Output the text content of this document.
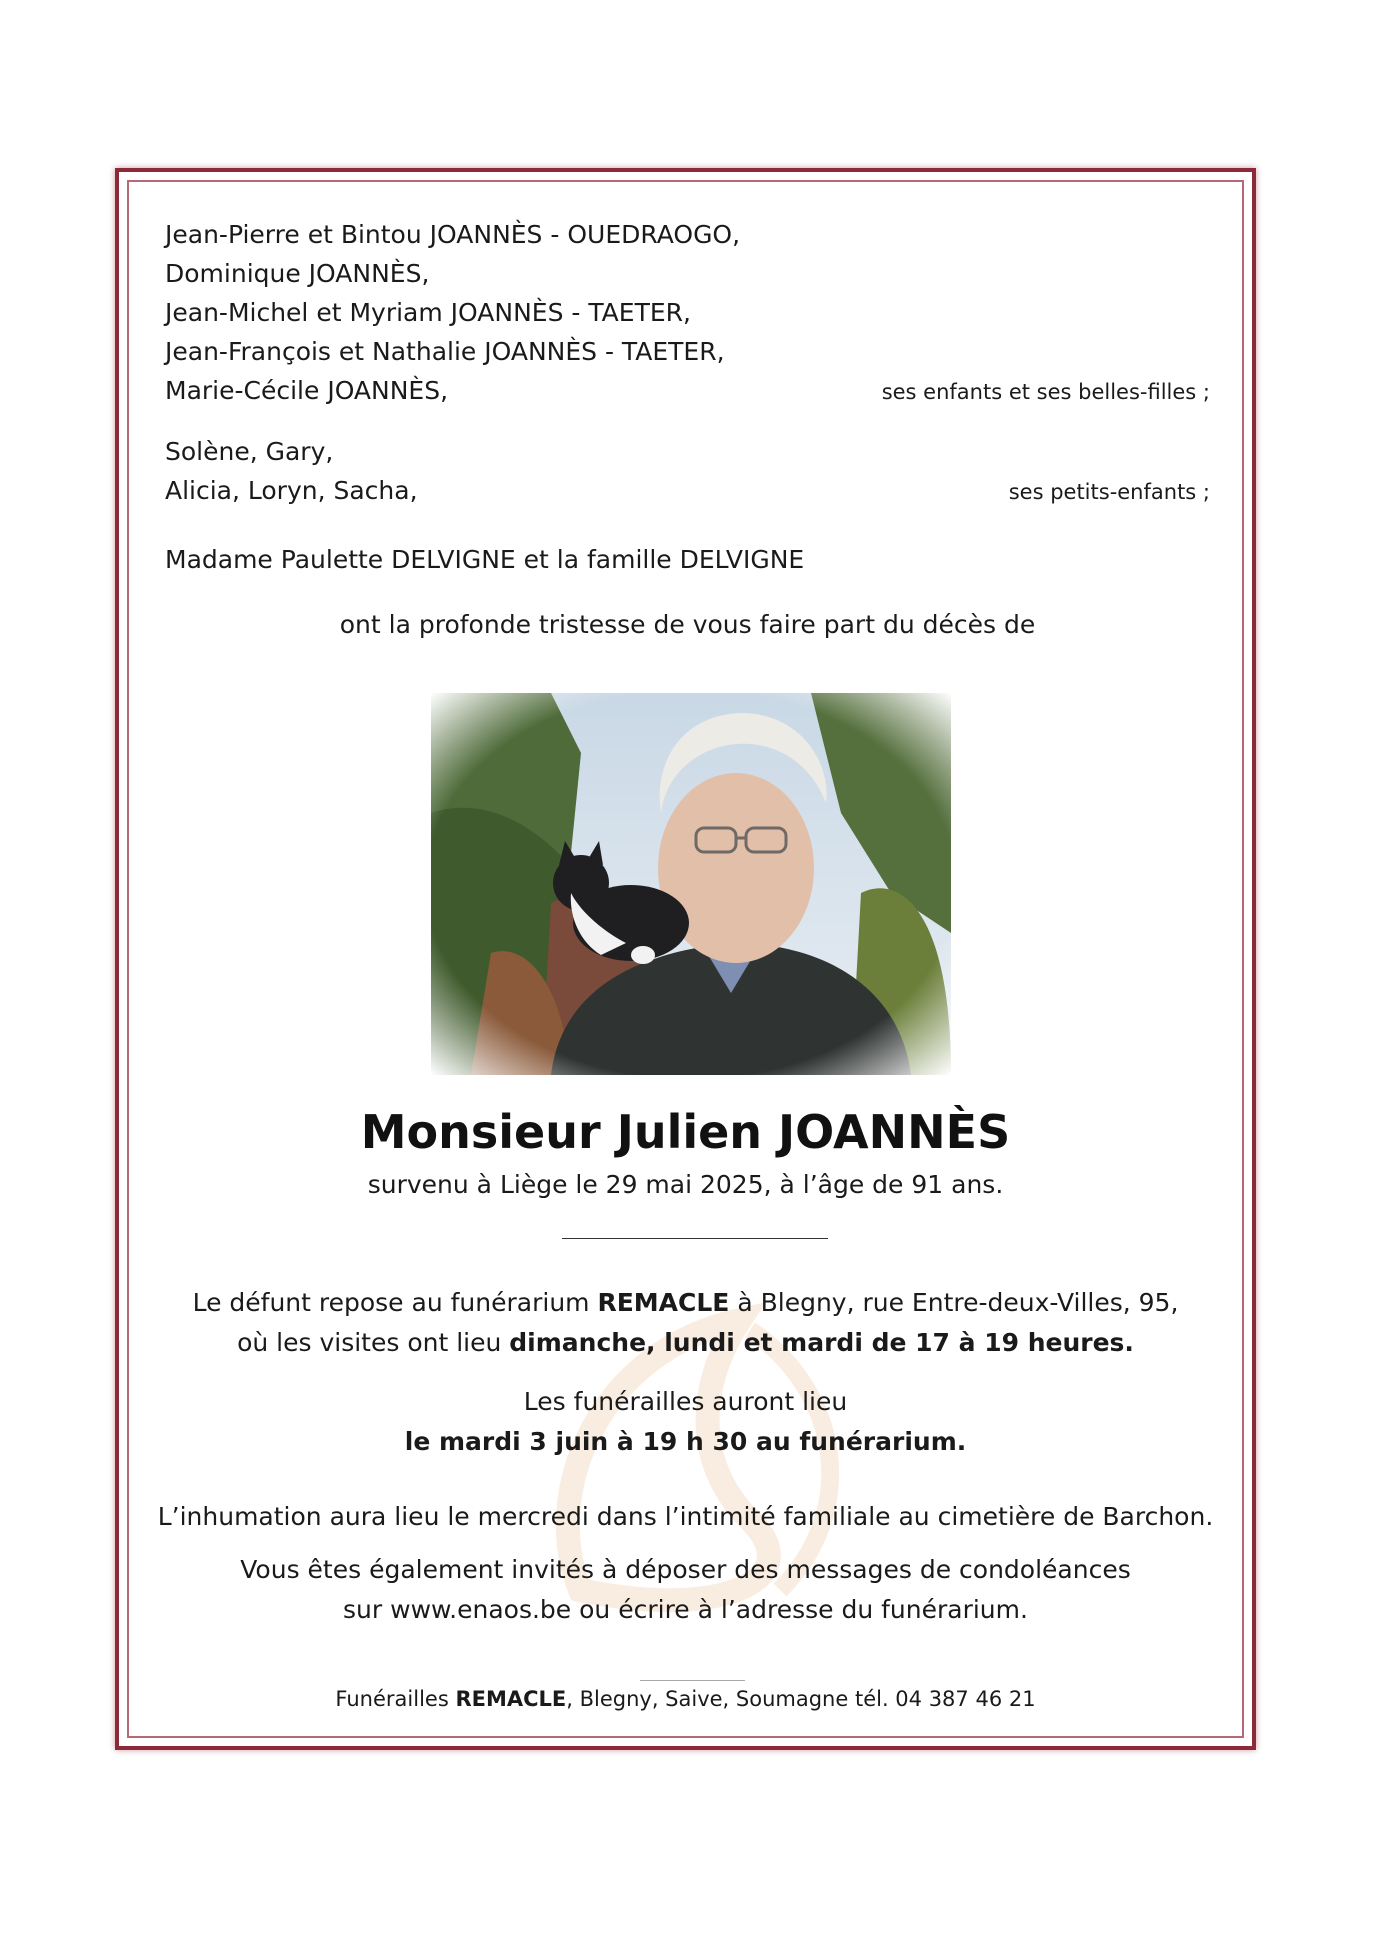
Jean-Pierre et Bintou JOANNÈS - OUEDRAOGO,
Dominique JOANNÈS,
Jean-Michel et Myriam JOANNÈS - TAETER,
Jean-François et Nathalie JOANNÈS - TAETER,
Marie-Cécile JOANNÈS,	ses enfants et ses belles-filles ;
Solène, Gary,
Alicia, Loryn, Sacha,	ses petits-enfants ;
Madame Paulette DELVIGNE et la famille DELVIGNE
ont la profonde tristesse de vous faire part du décès de
Monsieur Julien JOANNÈS
survenu à Liège le 29 mai 2025, à l’âge de 91 ans.
Le défunt repose au funérarium REMACLE à Blegny, rue Entre-deux-Villes, 95,
où les visites ont lieu dimanche, lundi et mardi de 17 à 19 heures.
Les funérailles auront lieu
le mardi 3 juin à 19 h 30 au funérarium.
L’inhumation aura lieu le mercredi dans l’intimité familiale au cimetière de Barchon.
Vous êtes également invités à déposer des messages de condoléances
sur www.enaos.be ou écrire à l’adresse du funérarium.
Funérailles REMACLE, Blegny, Saive, Soumagne tél. 04 387 46 21
